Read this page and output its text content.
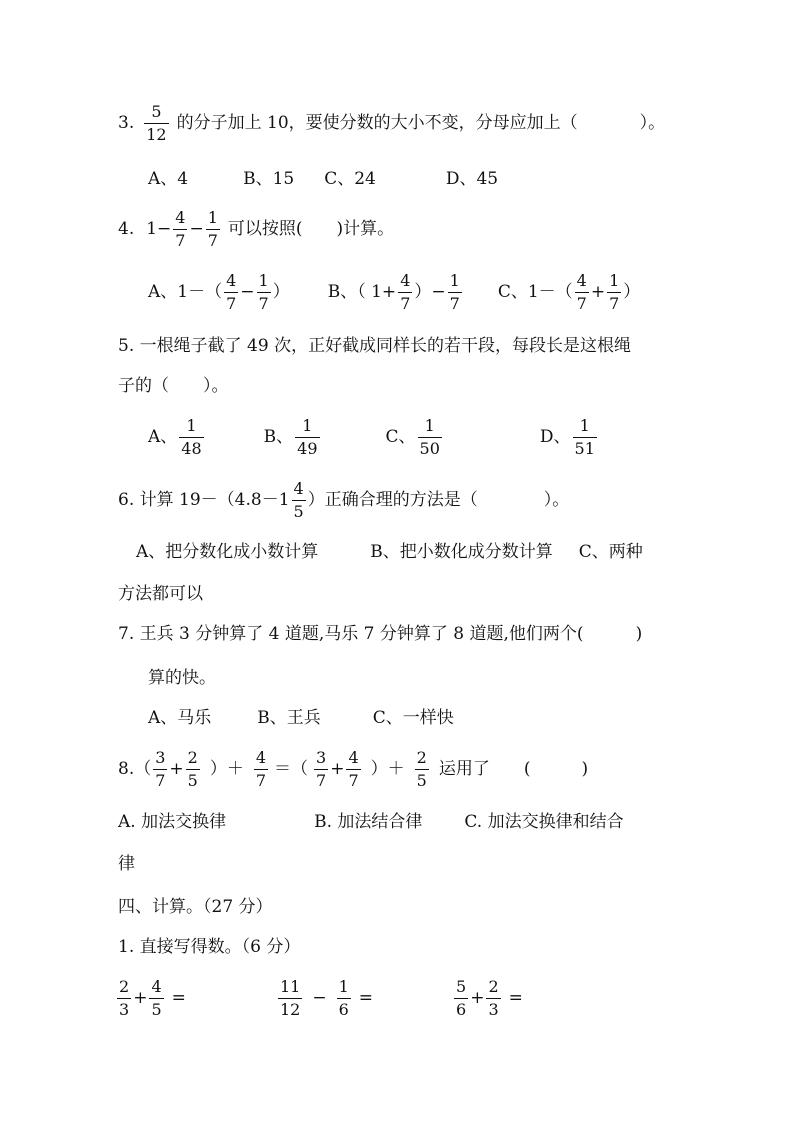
3. $\frac{5}{12}$ 的分子加上 10，要使分数的大小不变，分母应加上（	）。
A、4	B、15 C、24	D、45
4. $1- \frac{4}{7} - \frac{1}{7}$ 可以按照(　　)计算。
A、$1-( \frac{4}{7} - \frac{1}{7}$ ） B、（ $1+ \frac{4}{7}$ ）− $\frac{1}{7}$ C、$1-( \frac{4}{7} + \frac{1}{7}$ ）
5. 一根绳子截了 49 次，正好截成同样长的若干段，每段长是这根绳
子的（　　）。
A、 $\frac{1}{48}$	B、 $\frac{1}{49}$	C、 $\frac{1}{50}$	D、 $\frac{1}{51}$
6. 计算 $19-(4.8-1 \frac{4}{5}$ ）正确合理的方法是（	）。
A、把分数化成小数计算	B、把小数化成分数计算 C、两种
方法都可以
7. 王兵 3 分钟算了 4 道题,马乐 7 分钟算了 8 道题,他们两个(	)
算的快。
A、马乐	B、王兵	C、一样快
$8.( \frac{3}{7} + \frac{2}{5}$ ）＋ $\frac{4}{7}$ ＝（ $\frac{3}{7} + \frac{4}{7}$ ）＋ $\frac{2}{5}$ 运用了 (　　　)
A. 加法交换律	B. 加法结合律 C. 加法交换律和结合
律
四、计算。（27 分）
1. 直接写得数。（6 分）
$\frac{2}{3} + \frac{4}{5}$ =	$\frac{11}{12} - \frac{1}{6}$ =	$\frac{5}{6} + \frac{2}{3}$ =
